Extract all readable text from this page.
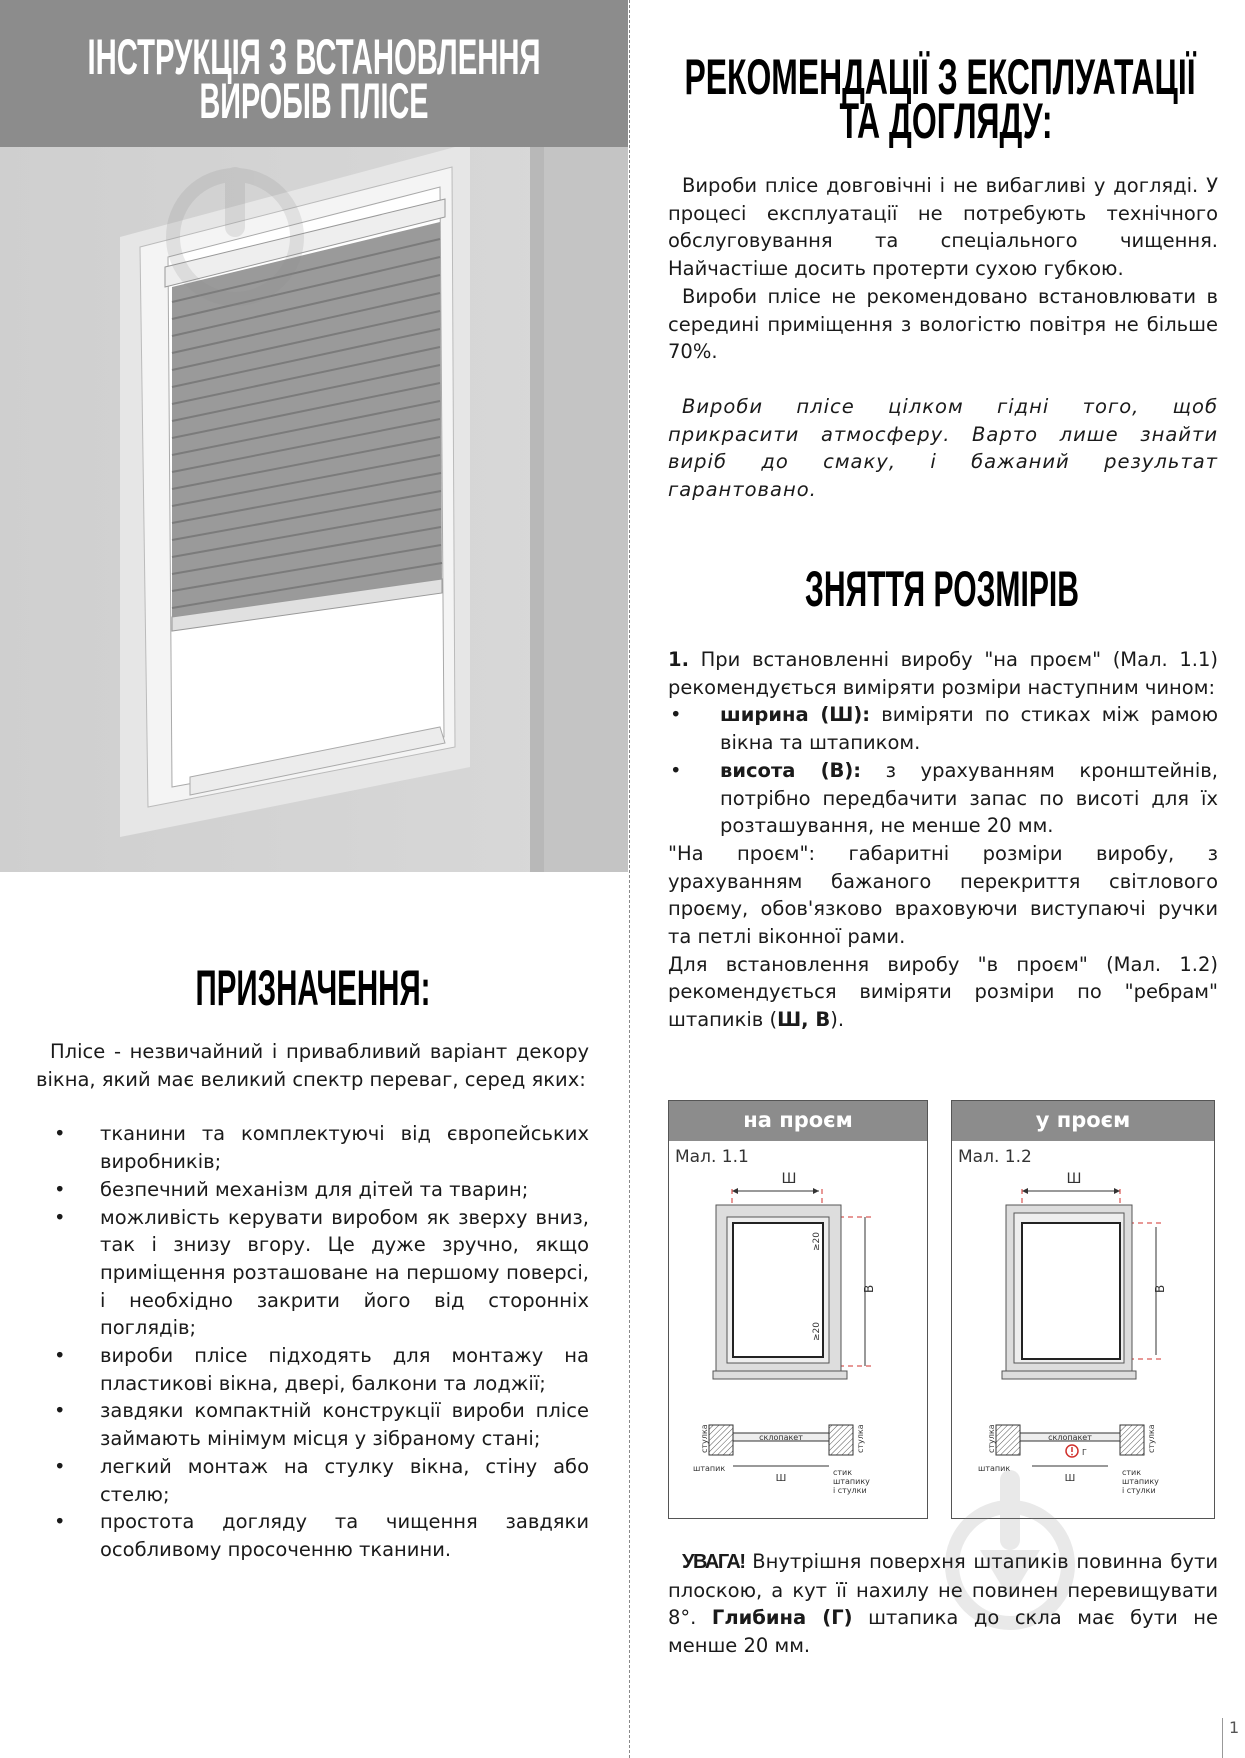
ІНСТРУКЦІЯ З ВСТАНОВЛЕННЯ
ВИРОБІВ ПЛІСЕ
ПРИЗНАЧЕННЯ:

Плісе - незвичайний і привабливий варіант декору вікна, який має великий спектр переваг, серед яких:

• тканини та комплектуючі від європейських виробників;
• безпечний механізм для дітей та тварин;
• можливість керувати виробом як зверху вниз, так і знизу вгору. Це дуже зручно, якщо приміщення розташоване на першому поверсі, і необхідно закрити його від сторонніх поглядів;
• вироби плісе підходять для монтажу на пластикові вікна, двері, балкони та лоджії;
• завдяки компактній конструкції вироби плісе займають мінімум місця у зібраному стані;
• легкий монтаж на стулку вікна, стіну або стелю;
• простота догляду та чищення завдяки особливому просоченню тканини.
РЕКОМЕНДАЦІЇ З ЕКСПЛУАТАЦІЇ
ТА ДОГЛЯДУ:

Вироби плісе довговічні і не вибагливі у догляді. У процесі експлуатації не потребують технічного обслуговування та спеціального чищення. Найчастіше досить протерти сухою губкою.

Вироби плісе не рекомендовано встановлювати в середині приміщення з вологістю повітря не більше 70%.

Вироби плісе цілком гідні того, щоб прикрасити атмосферу. Варто лише знайти виріб до смаку, і бажаний результат гарантовано.

ЗНЯТТЯ РОЗМІРІВ

1. При встановленні виробу "на проєм" (Мал. 1.1) рекомендується виміряти розміри наступним чином:

• ширина (Ш): виміряти по стиках між рамою вікна та штапиком.
• висота (В): з урахуванням кронштейнів, потрібно передбачити запас по висоті для їх розташування, не менше 20 мм.

"На проєм": габаритні розміри виробу, з урахуванням бажаного перекриття світлового проєму, обов'язково враховуючи виступаючі ручки та петлі віконної рами.

Для встановлення виробу "в проєм" (Мал. 1.2) рекомендується виміряти розміри по "ребрам" штапиків (Ш, В).

на проєм
Мал. 1.1
Ш
В
≥20
≥20
склопакет
стулка	стулка
штапик
Ш
стик
штапику
і стулки
у проєм
Мал. 1.2
Ш
В
склопакет
Г
стулка	стулка
штапик
Ш
стик
штапику
і стулки

УВАГА! Внутрішня поверхня штапиків повинна бути плоскою, а кут її нахилу не повинен перевищувати 8°. Глибина (Г) штапика до скла має бути не менше 20 мм.

1
